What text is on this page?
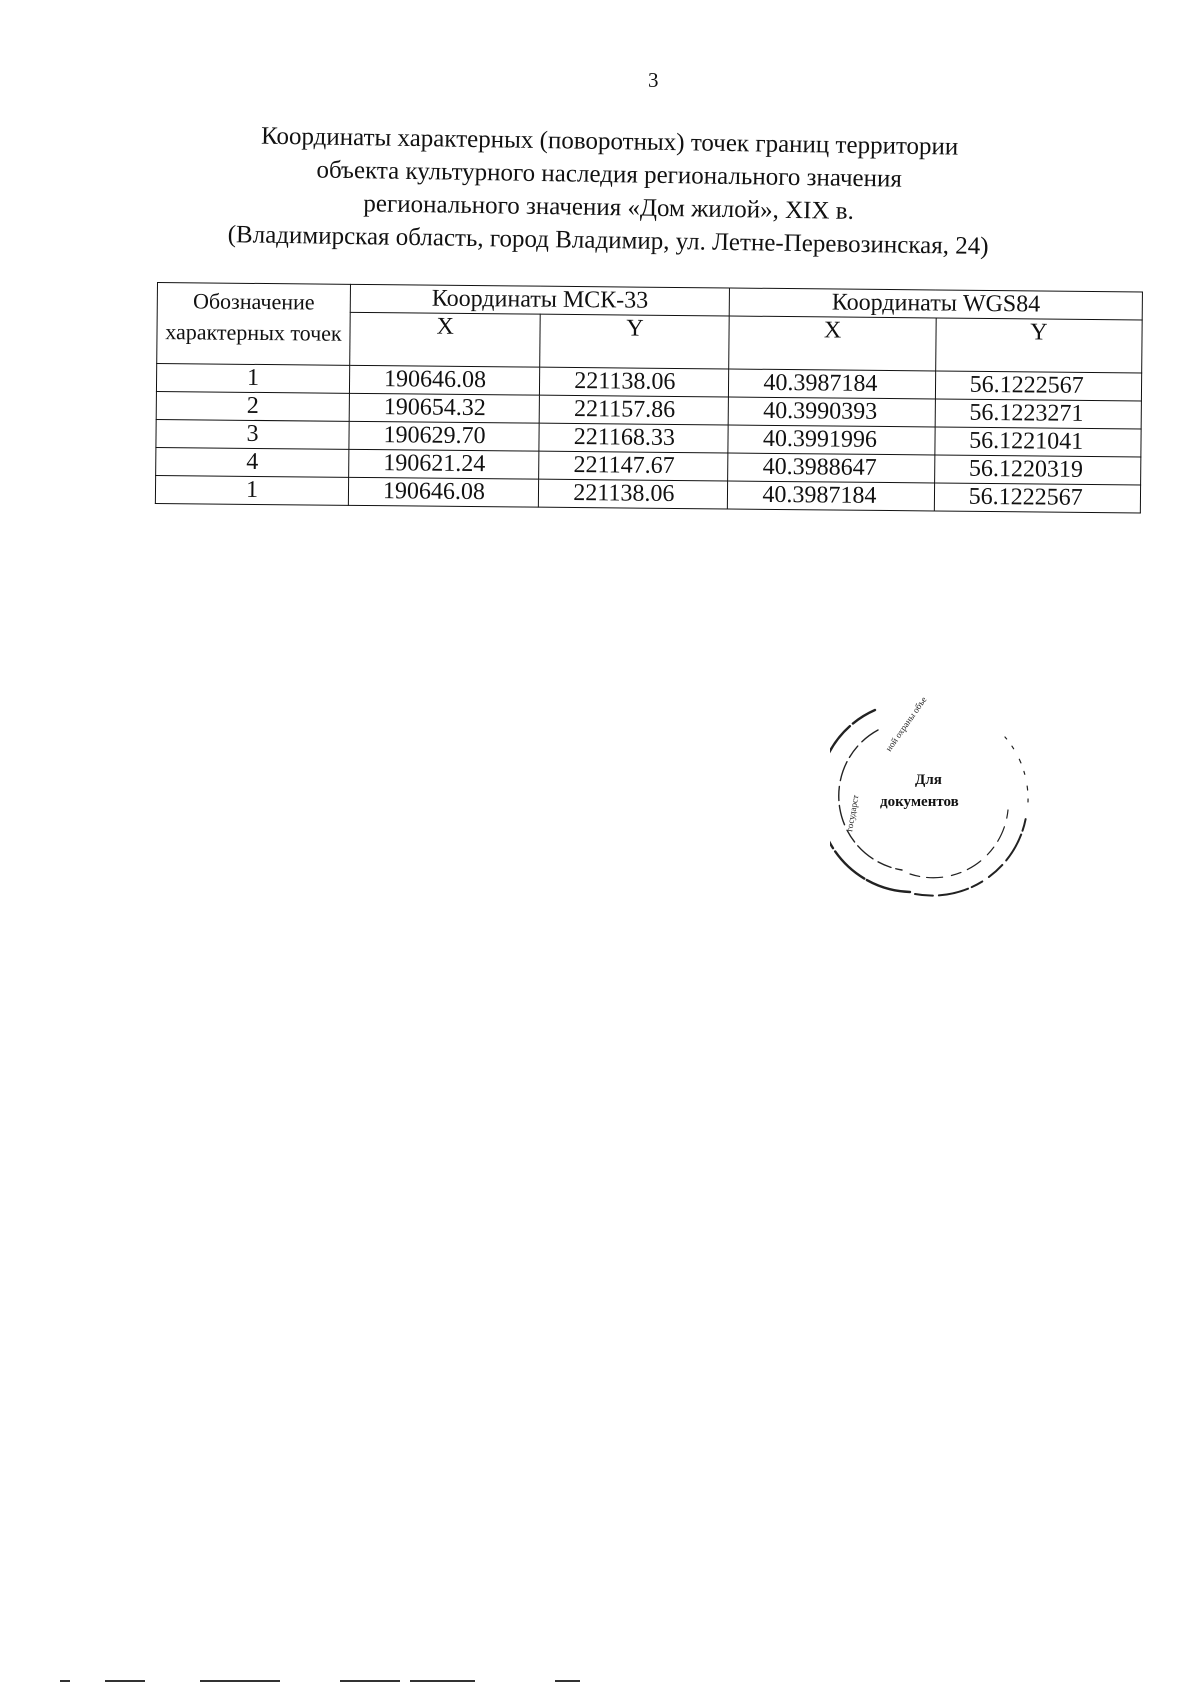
3
Координаты характерных (поворотных) точек границ территории
объекта культурного наследия регионального значения
регионального значения «Дом жилой», XIX в.
(Владимирская область, город Владимир, ул. Летне-Перевозинская, 24)
Обозначение характерных точек	Координаты МСК-33		Координаты WGS84	
	X	Y	X	Y
1	190646.08	221138.06	40.3987184	56.1222567
2	190654.32	221157.86	40.3990393	56.1223271
3	190629.70	221168.33	40.3991996	56.1221041
4	190621.24	221147.67	40.3988647	56.1220319
1	190646.08	221138.06	40.3987184	56.1222567
ной охраны объе
государст
Для
документов
